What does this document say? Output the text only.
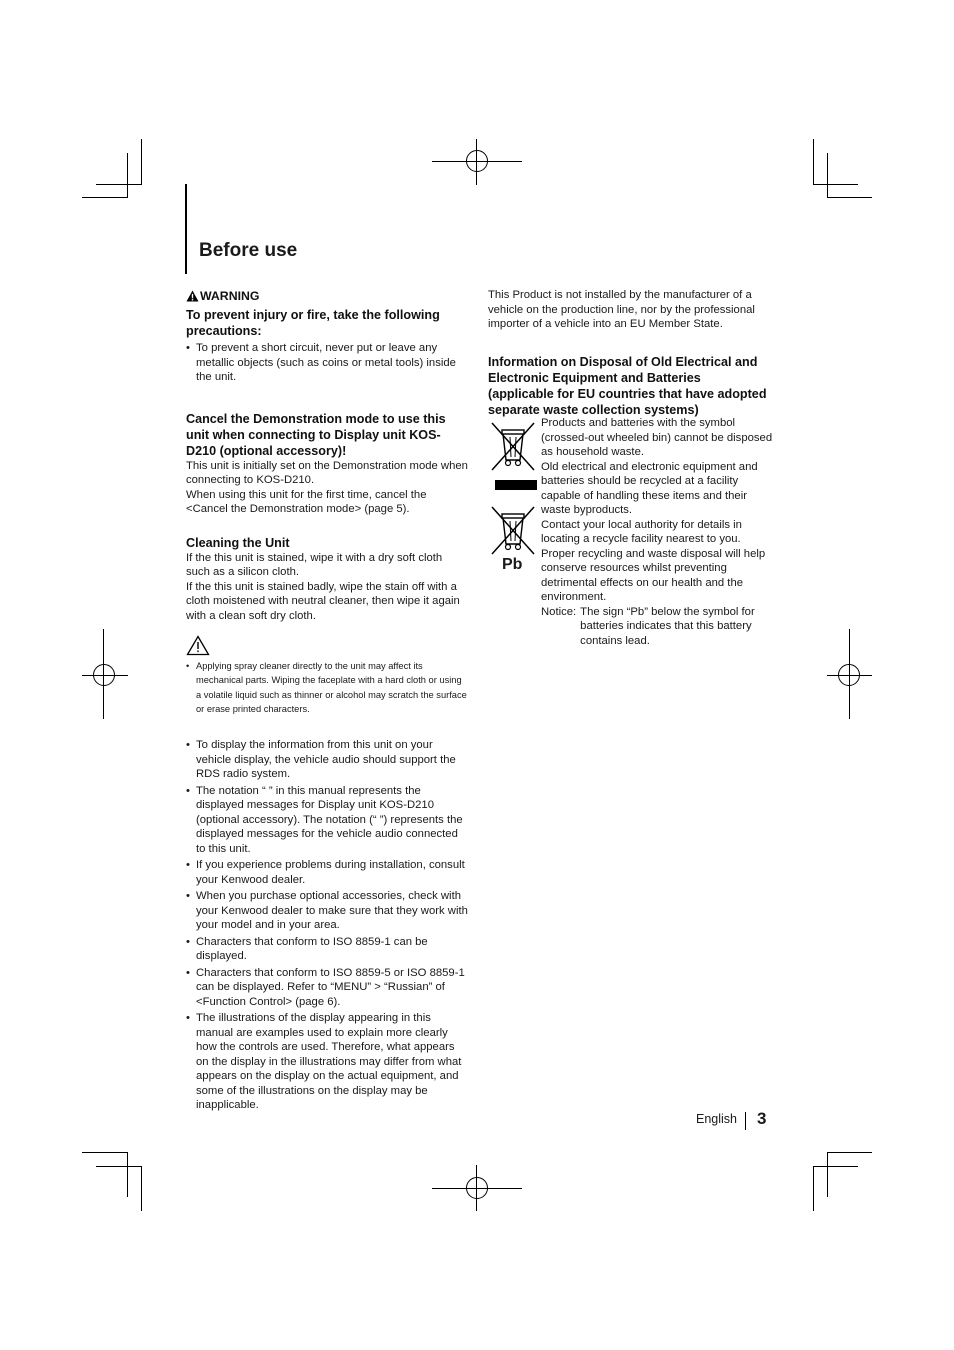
Before use
WARNING
To prevent injury or fire, take the following precautions:
• To prevent a short circuit, never put or leave any metallic objects (such as coins or metal tools) inside the unit.
Cancel the Demonstration mode to use this unit when connecting to Display unit KOS-D210 (optional accessory)!

This unit is initially set on the Demonstration mode when connecting to KOS-D210.

When using this unit for the first time, cancel the <Cancel the Demonstration mode> (page 5).

Cleaning the Unit

If the this unit is stained, wipe it with a dry soft cloth such as a silicon cloth.

If the this unit is stained badly, wipe the stain off with a cloth moistened with neutral cleaner, then wipe it again with a clean soft dry cloth.

• Applying spray cleaner directly to the unit may affect its mechanical parts. Wiping the faceplate with a hard cloth or using a volatile liquid such as thinner or alcohol may scratch the surface or erase printed characters.
• To display the information from this unit on your vehicle display, the vehicle audio should support the RDS radio system.
• The notation “ ” in this manual represents the displayed messages for Display unit KOS-D210 (optional accessory). The notation (“ ”) represents the displayed messages for the vehicle audio connected to this unit.
• If you experience problems during installation, consult your Kenwood dealer.
• When you purchase optional accessories, check with your Kenwood dealer to make sure that they work with your model and in your area.
• Characters that conform to ISO 8859-1 can be displayed.
• Characters that conform to ISO 8859-5 or ISO 8859-1 can be displayed. Refer to “MENU” > “Russian” of <Function Control> (page 6).
• The illustrations of the display appearing in this manual are examples used to explain more clearly how the controls are used. Therefore, what appears on the display in the illustrations may differ from what appears on the display on the actual equipment, and some of the illustrations on the display may be inapplicable.

This Product is not installed by the manufacturer of a vehicle on the production line, nor by the professional importer of a vehicle into an EU Member State.

Information on Disposal of Old Electrical and Electronic Equipment and Batteries (applicable for EU countries that have adopted separate waste collection systems)
Pb

Products and batteries with the symbol (crossed-out wheeled bin) cannot be disposed as household waste.

Old electrical and electronic equipment and batteries should be recycled at a facility capable of handling these items and their waste byproducts.

Contact your local authority for details in locating a recycle facility nearest to you.

Proper recycling and waste disposal will help conserve resources whilst preventing detrimental effects on our health and the environment.

Notice: The sign “Pb” below the symbol for batteries indicates that this battery contains lead.
English 3
